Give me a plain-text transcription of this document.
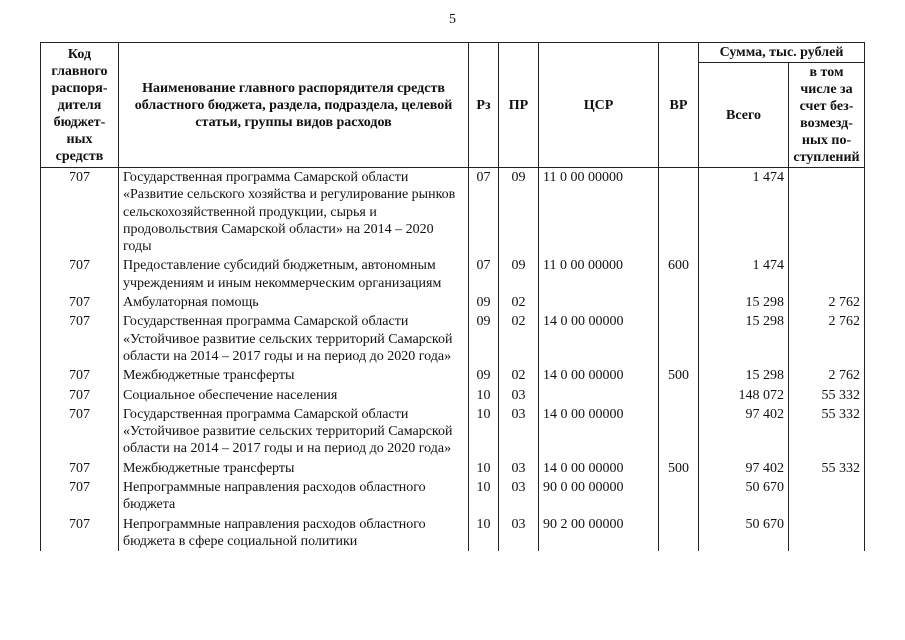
5
Код главного распоря-дителя бюджет-ных средств	Наименование главного распорядителя средств областного бюджета, раздела, подраздела, целевой статьи, группы видов расходов	Рз	ПР	ЦСР	ВР	Сумма, тыс. рублей	
						Всего	в том числе за счет без-возмезд-ных по-ступлений
707	Государственная программа Самарской области «Развитие сельского хозяйства и регулирование рынков сельскохозяйственной продукции, сырья и продовольствия Самарской области» на 2014 – 2020 годы	07	09	11 0 00 00000		1 474	
707	Предоставление субсидий бюджетным, автономным учреждениям и иным некоммерческим организациям	07	09	11 0 00 00000	600	1 474	
707	Амбулаторная помощь	09	02			15 298	2 762
707	Государственная программа Самарской области «Устойчивое развитие сельских территорий Самарской области на 2014 – 2017 годы и на период до 2020 года»	09	02	14 0 00 00000		15 298	2 762
707	Межбюджетные трансферты	09	02	14 0 00 00000	500	15 298	2 762
707	Социальное обеспечение населения	10	03			148 072	55 332
707	Государственная программа Самарской области «Устойчивое развитие сельских территорий Самарской области на 2014 – 2017 годы и на период до 2020 года»	10	03	14 0 00 00000		97 402	55 332
707	Межбюджетные трансферты	10	03	14 0 00 00000	500	97 402	55 332
707	Непрограммные направления расходов областного бюджета	10	03	90 0 00 00000		50 670	
707	Непрограммные направления расходов областного бюджета в сфере социальной политики	10	03	90 2 00 00000		50 670	
